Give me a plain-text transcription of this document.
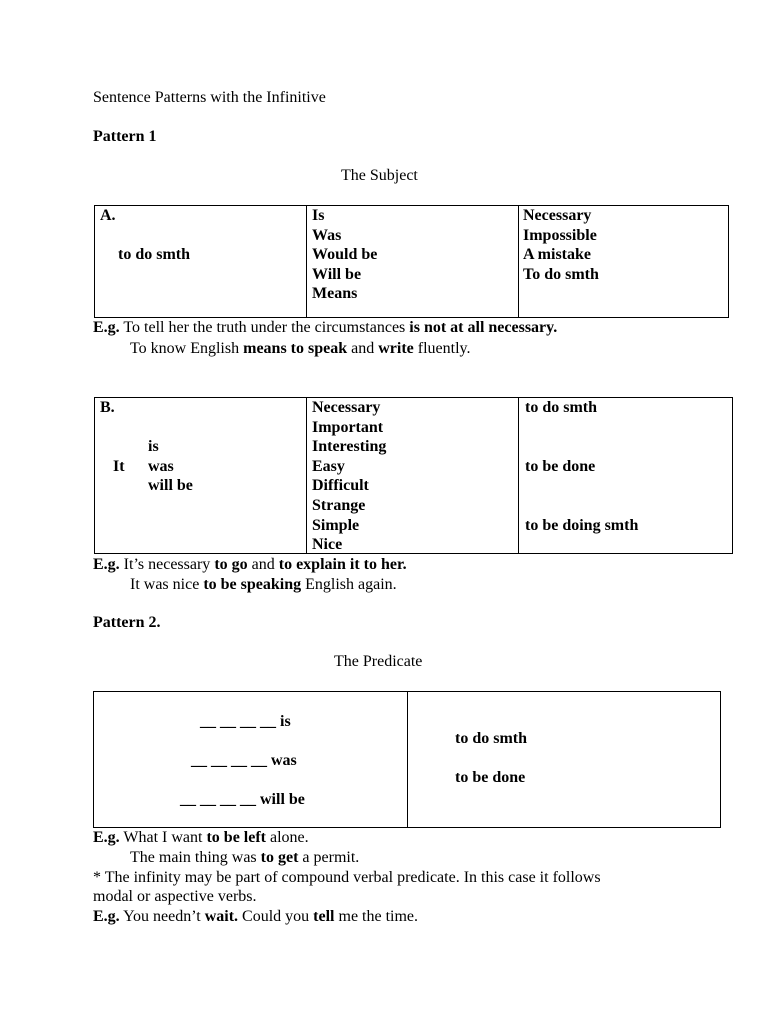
Sentence Patterns with the Infinitive
Pattern 1
The Subject
A.
to do smth

Is
Was
Would be
Will be
Means

Necessary
Impossible
A mistake
To do smth
E.g. To tell her the truth under the circumstances is not at all necessary.
To know English means to speak and write fluently.
B.
It
is
was
will be

Necessary
Important
Interesting
Easy
Difficult
Strange
Simple
Nice

to do smth
to be done
to be doing smth
E.g. It’s necessary to go and to explain it to her.
It was nice to be speaking English again.
Pattern 2.
The Predicate
__ __ __ __ is
__ __ __ __ was
__ __ __ __ will be

to do smth
to be done
E.g. What I want to be left alone.
The main thing was to get a permit.
* The infinity may be part of compound verbal predicate. In this case it follows
modal or aspective verbs.
E.g. You needn’t wait. Could you tell me the time.
